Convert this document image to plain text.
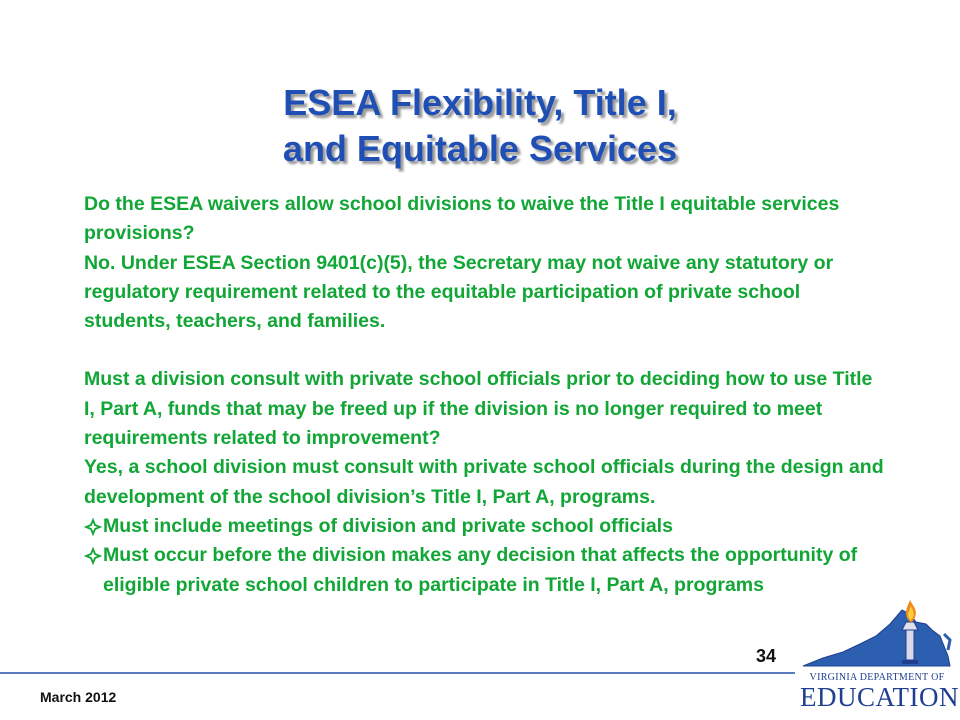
ESEA Flexibility, Title I,
and Equitable Services

Do the ESEA waivers allow school divisions to waive the Title I equitable services provisions?

No. Under ESEA Section 9401(c)(5), the Secretary may not waive any statutory or regulatory requirement related to the equitable participation of private school students, teachers, and families.

Must a division consult with private school officials prior to deciding how to use Title I, Part A, funds that may be freed up if the division is no longer required to meet requirements related to improvement?

Yes, a school division must consult with private school officials during the design and development of the school division’s Title I, Part A, programs.

Must include meetings of division and private school officials

Must occur before the division makes any decision that affects the opportunity of eligible private school children to participate in Title I, Part A, programs

34
March 2012
VIRGINIA DEPARTMENT OF
EDUCATION
